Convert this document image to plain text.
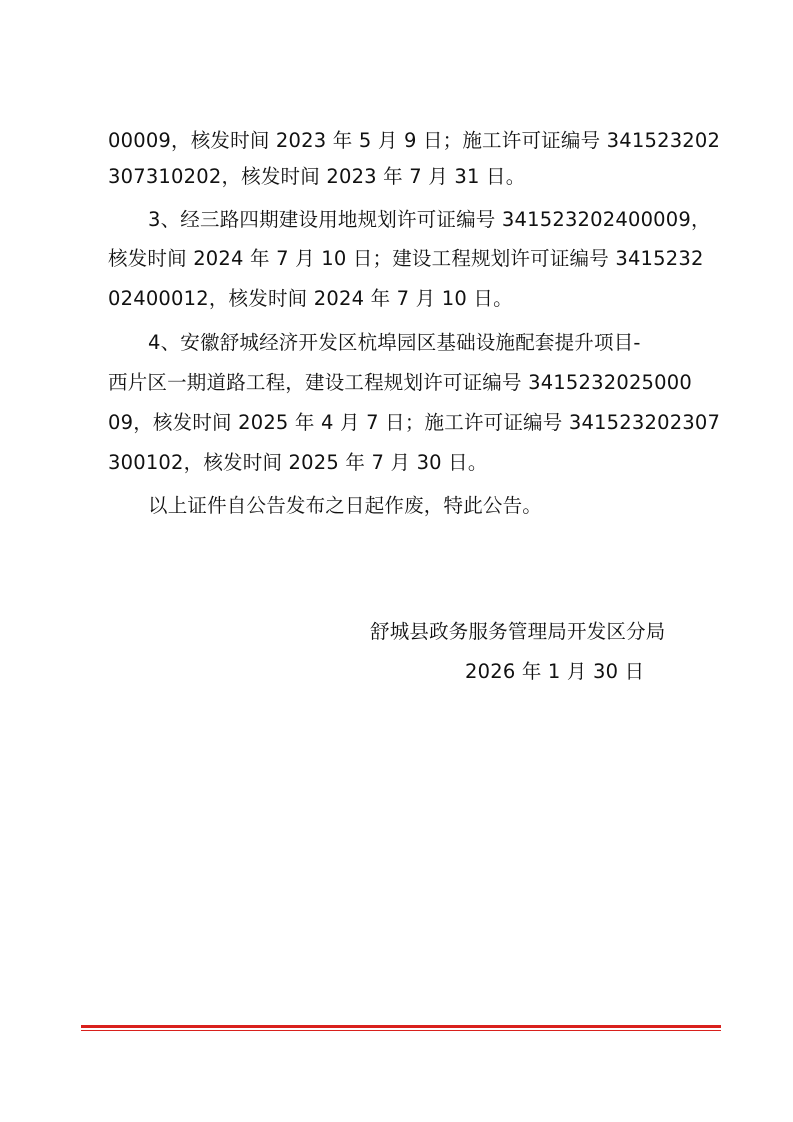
00009，核发时间 2023 年 5 月 9 日；施工许可证编号 341523202
307310202，核发时间 2023 年 7 月 31 日。
3、经三路四期建设用地规划许可证编号 341523202400009，
核发时间 2024 年 7 月 10 日；建设工程规划许可证编号 3415232
02400012，核发时间 2024 年 7 月 10 日。
4、安徽舒城经济开发区杭埠园区基础设施配套提升项目-
西片区一期道路工程，建设工程规划许可证编号 3415232025000
09，核发时间 2025 年 4 月 7 日；施工许可证编号 341523202307
300102，核发时间 2025 年 7 月 30 日。
以上证件自公告发布之日起作废，特此公告。
舒城县政务服务管理局开发区分局
2026 年 1 月 30 日
